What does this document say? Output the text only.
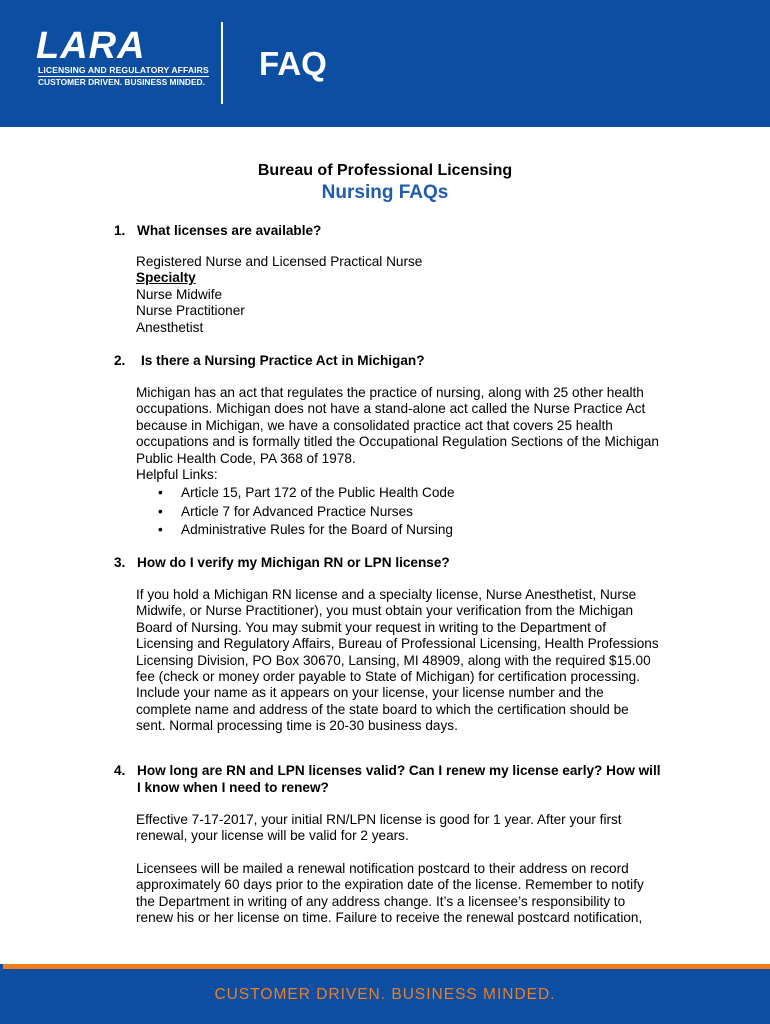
LARA
LICENSING AND REGULATORY AFFAIRS
CUSTOMER DRIVEN. BUSINESS MINDED. FAQ
Bureau of Professional Licensing
Nursing FAQs
1. What licenses are available?
Registered Nurse and Licensed Practical Nurse
Specialty
Nurse Midwife
Nurse Practitioner
Anesthetist
2. Is there a Nursing Practice Act in Michigan?
Michigan has an act that regulates the practice of nursing, along with 25 other health
occupations. Michigan does not have a stand-alone act called the Nurse Practice Act
because in Michigan, we have a consolidated practice act that covers 25 health
occupations and is formally titled the Occupational Regulation Sections of the Michigan
Public Health Code, PA 368 of 1978.
Helpful Links:
• Article 15, Part 172 of the Public Health Code
• Article 7 for Advanced Practice Nurses
• Administrative Rules for the Board of Nursing
3. How do I verify my Michigan RN or LPN license?
If you hold a Michigan RN license and a specialty license, Nurse Anesthetist, Nurse
Midwife, or Nurse Practitioner), you must obtain your verification from the Michigan
Board of Nursing. You may submit your request in writing to the Department of
Licensing and Regulatory Affairs, Bureau of Professional Licensing, Health Professions
Licensing Division, PO Box 30670, Lansing, MI 48909, along with the required $15.00
fee (check or money order payable to State of Michigan) for certification processing.
Include your name as it appears on your license, your license number and the
complete name and address of the state board to which the certification should be
sent. Normal processing time is 20-30 business days.
4. How long are RN and LPN licenses valid? Can I renew my license early? How will
I know when I need to renew?
Effective 7-17-2017, your initial RN/LPN license is good for 1 year. After your first
renewal, your license will be valid for 2 years.
Licensees will be mailed a renewal notification postcard to their address on record
approximately 60 days prior to the expiration date of the license. Remember to notify
the Department in writing of any address change. It’s a licensee’s responsibility to
renew his or her license on time. Failure to receive the renewal postcard notification,
CUSTOMER DRIVEN. BUSINESS MINDED.
